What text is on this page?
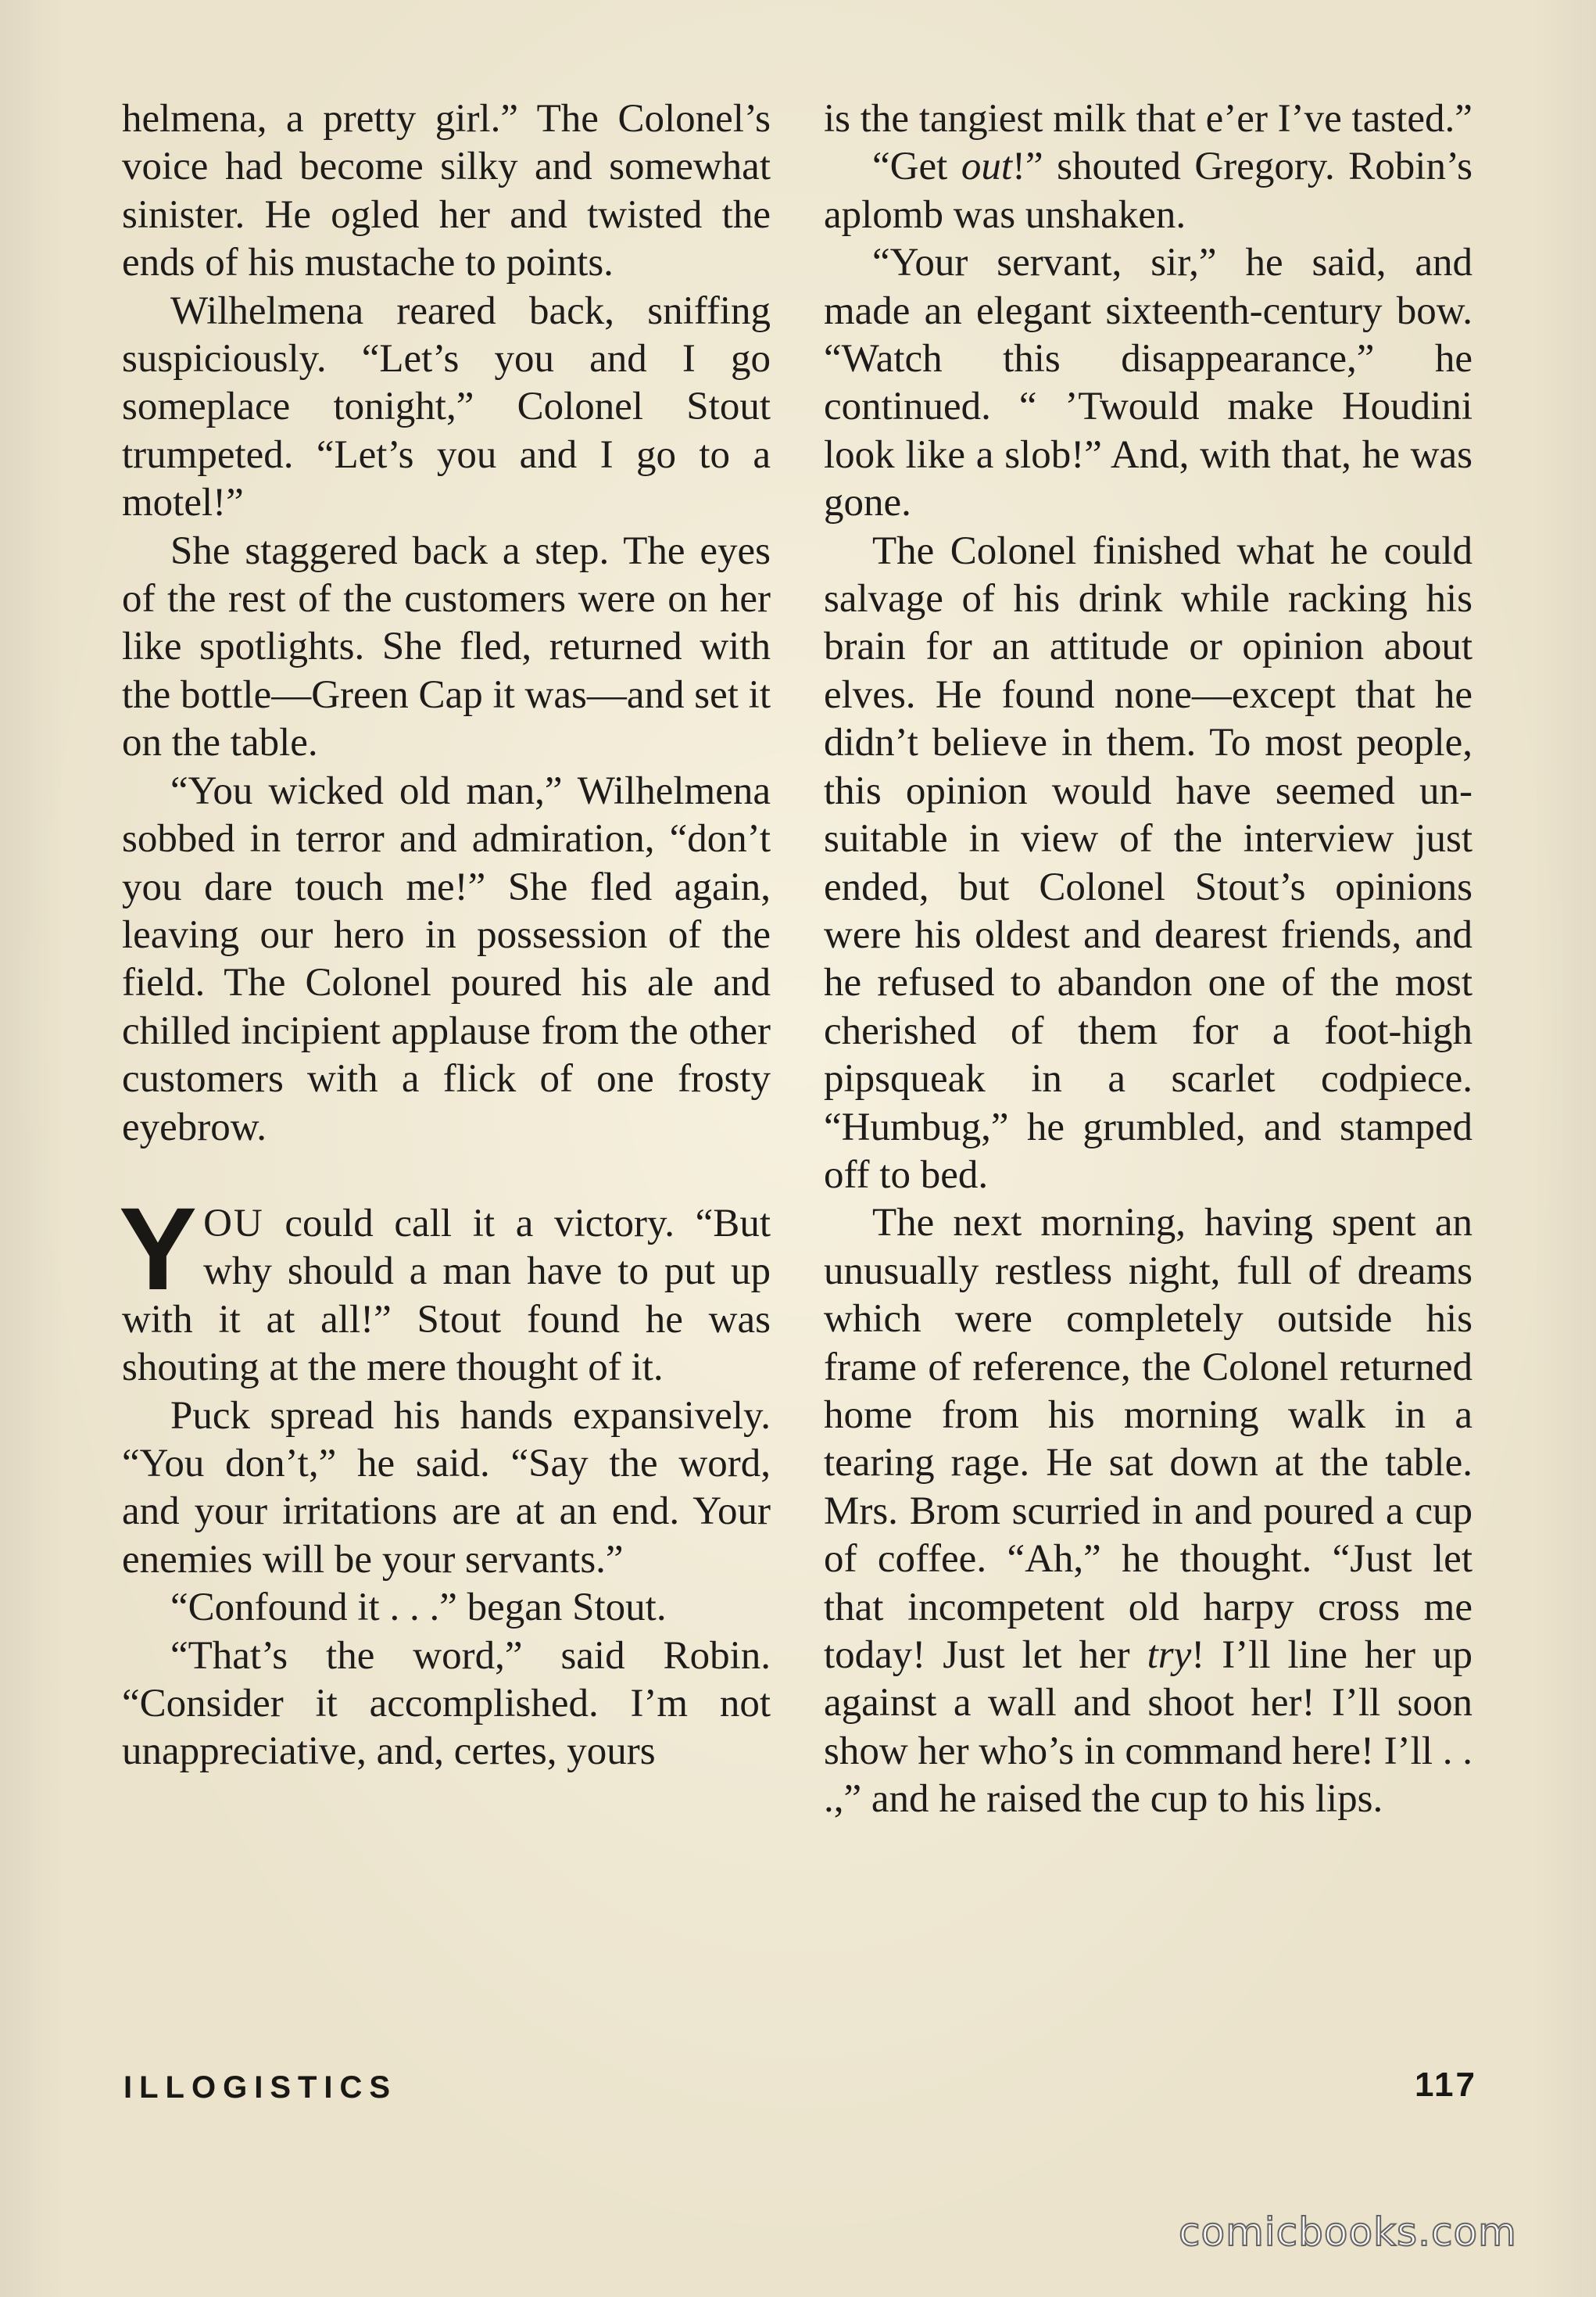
helmena, a pretty girl.” The Colonel’s voice had become silky and somewhat sinister. He ogled her and twisted the ends of his mustache to points.

Wilhelmena reared back, sniffing suspiciously. “Let’s you and I go someplace tonight,” Colonel Stout trumpeted. “Let’s you and I go to a motel!”

She staggered back a step. The eyes of the rest of the customers were on her like spotlights. She fled, returned with the bottle—Green Cap it was—and set it on the table.

“You wicked old man,” Wilhelmena sobbed in terror and admiration, “don’t you dare touch me!” She fled again, leaving our hero in possession of the field. The Colonel poured his ale and chilled incipient applause from the other customers with a flick of one frosty eyebrow.

YOU could call it a victory. “But why should a man have to put up with it at all!” Stout found he was shouting at the mere thought of it.

Puck spread his hands expansively. “You don’t,” he said. “Say the word, and your irritations are at an end. Your enemies will be your servants.”

“Confound it . . .” began Stout.

“That’s the word,” said Robin. “Consider it accomplished. I’m not unappreciative, and, certes, yours

is the tangiest milk that e’er I’ve tasted.”

“Get out!” shouted Gregory. Robin’s aplomb was unshaken.

“Your servant, sir,” he said, and made an elegant sixteenth-century bow. “Watch this disappearance,” he continued. “ ’Twould make Houdini look like a slob!” And, with that, he was gone.

The Colonel finished what he could salvage of his drink while racking his brain for an attitude or opinion about elves. He found none—except that he didn’t believe in them. To most people, this opinion would have seemed unsuitable in view of the interview just ended, but Colonel Stout’s opinions were his oldest and dearest friends, and he refused to abandon one of the most cherished of them for a foot-high pipsqueak in a scarlet codpiece. “Humbug,” he grumbled, and stamped off to bed.

The next morning, having spent an unusually restless night, full of dreams which were completely outside his frame of reference, the Colonel returned home from his morning walk in a tearing rage. He sat down at the table. Mrs. Brom scurried in and poured a cup of coffee. “Ah,” he thought. “Just let that incompetent old harpy cross me today! Just let her try! I’ll line her up against a wall and shoot her! I’ll soon show her who’s in command here! I’ll . . .,” and he raised the cup to his lips.

ILLOGISTICS	117
comicbooks.com
